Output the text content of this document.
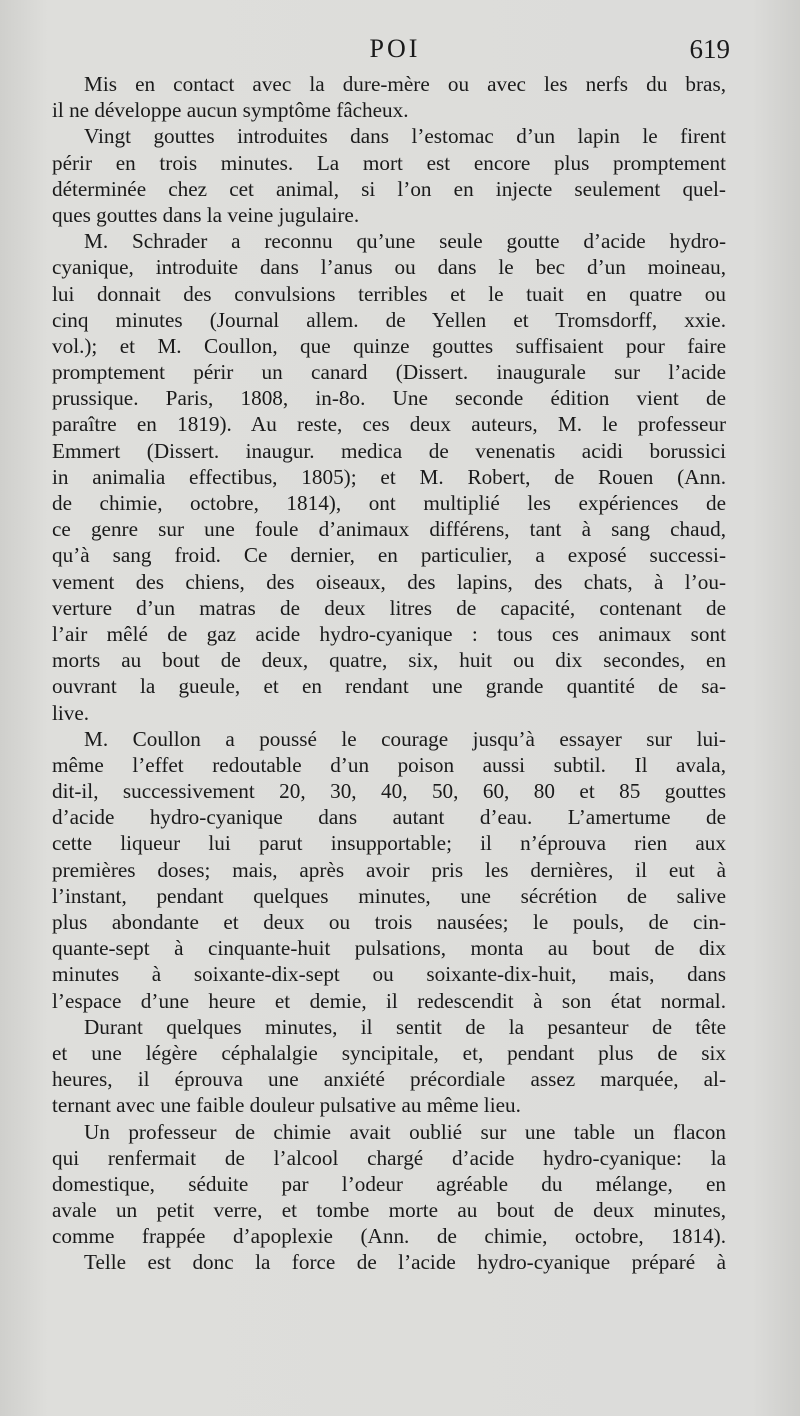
POI	619
Mis en contact avec la dure-mère ou avec les nerfs du bras,
il ne développe aucun symptôme fâcheux.
Vingt gouttes introduites dans l’estomac d’un lapin le firent
périr en trois minutes. La mort est encore plus promptement
déterminée chez cet animal, si l’on en injecte seulement quel-
ques gouttes dans la veine jugulaire.
M. Schrader a reconnu qu’une seule goutte d’acide hydro-
cyanique, introduite dans l’anus ou dans le bec d’un moineau,
lui donnait des convulsions terribles et le tuait en quatre ou
cinq minutes (Journal allem. de Yellen et Tromsdorff, xxie.
vol.); et M. Coullon, que quinze gouttes suffisaient pour faire
promptement périr un canard (Dissert. inaugurale sur l’acide
prussique. Paris, 1808, in-8o. Une seconde édition vient de
paraître en 1819). Au reste, ces deux auteurs, M. le professeur
Emmert (Dissert. inaugur. medica de venenatis acidi borussici
in animalia effectibus, 1805); et M. Robert, de Rouen (Ann.
de chimie, octobre, 1814), ont multiplié les expériences de
ce genre sur une foule d’animaux différens, tant à sang chaud,
qu’à sang froid. Ce dernier, en particulier, a exposé successi-
vement des chiens, des oiseaux, des lapins, des chats, à l’ou-
verture d’un matras de deux litres de capacité, contenant de
l’air mêlé de gaz acide hydro-cyanique : tous ces animaux sont
morts au bout de deux, quatre, six, huit ou dix secondes, en
ouvrant la gueule, et en rendant une grande quantité de sa-
live.
M. Coullon a poussé le courage jusqu’à essayer sur lui-
même l’effet redoutable d’un poison aussi subtil. Il avala,
dit-il, successivement 20, 30, 40, 50, 60, 80 et 85 gouttes
d’acide hydro-cyanique dans autant d’eau. L’amertume de
cette liqueur lui parut insupportable; il n’éprouva rien aux
premières doses; mais, après avoir pris les dernières, il eut à
l’instant, pendant quelques minutes, une sécrétion de salive
plus abondante et deux ou trois nausées; le pouls, de cin-
quante-sept à cinquante-huit pulsations, monta au bout de dix
minutes à soixante-dix-sept ou soixante-dix-huit, mais, dans
l’espace d’une heure et demie, il redescendit à son état normal.
Durant quelques minutes, il sentit de la pesanteur de tête
et une légère céphalalgie syncipitale, et, pendant plus de six
heures, il éprouva une anxiété précordiale assez marquée, al-
ternant avec une faible douleur pulsative au même lieu.
Un professeur de chimie avait oublié sur une table un flacon
qui renfermait de l’alcool chargé d’acide hydro-cyanique: la
domestique, séduite par l’odeur agréable du mélange, en
avale un petit verre, et tombe morte au bout de deux minutes,
comme frappée d’apoplexie (Ann. de chimie, octobre, 1814).
Telle est donc la force de l’acide hydro-cyanique préparé à
